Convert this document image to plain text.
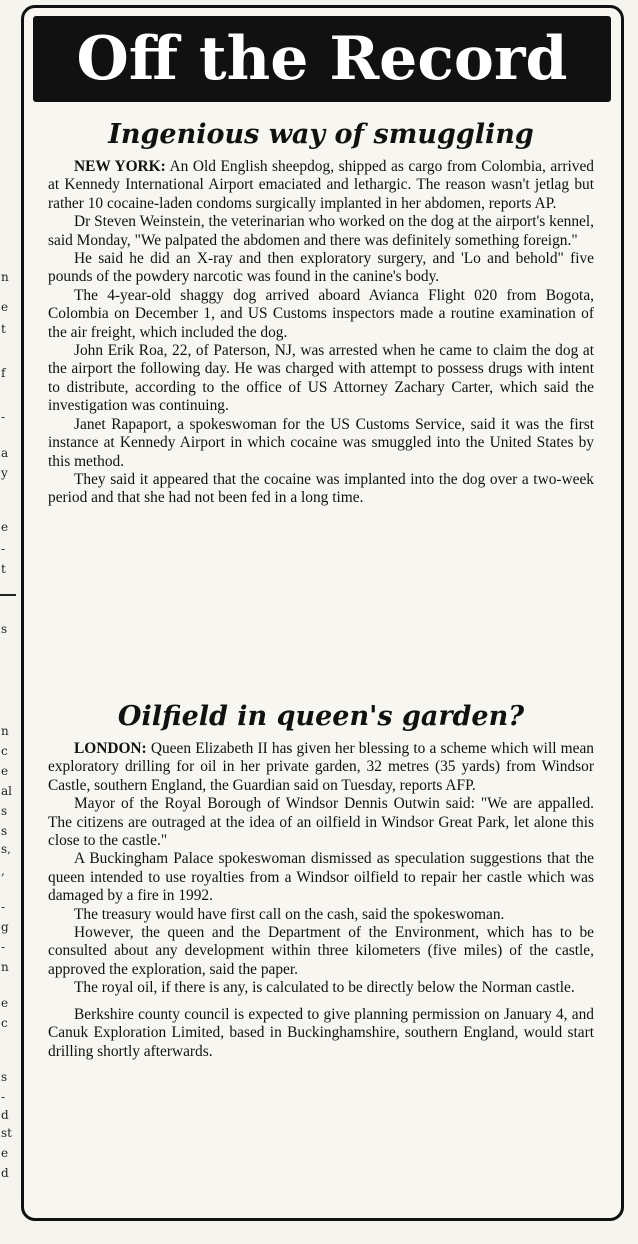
n
e
t
f
-
a
y
e
-
t
s
n
c
e
al
s
s
s,
,
-
g
-
n
e
c
s
-
d
st
e
d
Off the Record
Ingenious way of smuggling

NEW YORK: An Old English sheepdog, shipped as cargo from Colombia, arrived at Kennedy International Airport emaciated and lethargic. The reason wasn't jetlag but rather 10 cocaine-laden condoms surgically implanted in her abdomen, reports AP.

Dr Steven Weinstein, the veterinarian who worked on the dog at the airport's kennel, said Monday, "We palpated the abdomen and there was definitely something foreign."

He said he did an X-ray and then exploratory surgery, and 'Lo and behold" five pounds of the powdery narcotic was found in the canine's body.

The 4-year-old shaggy dog arrived aboard Avianca Flight 020 from Bogota, Colombia on December 1, and US Customs inspectors made a routine examination of the air freight, which included the dog.

John Erik Roa, 22, of Paterson, NJ, was arrested when he came to claim the dog at the airport the following day. He was charged with attempt to possess drugs with intent to distribute, according to the office of US Attorney Zachary Carter, which said the investigation was continuing.

Janet Rapaport, a spokeswoman for the US Customs Service, said it was the first instance at Kennedy Airport in which cocaine was smuggled into the United States by this method.

They said it appeared that the cocaine was implanted into the dog over a two-week period and that she had not been fed in a long time.

Oilfield in queen's garden?

LONDON: Queen Elizabeth II has given her blessing to a scheme which will mean exploratory drilling for oil in her private garden, 32 metres (35 yards) from Windsor Castle, southern England, the Guardian said on Tuesday, reports AFP.

Mayor of the Royal Borough of Windsor Dennis Outwin said: "We are appalled. The citizens are outraged at the idea of an oilfield in Windsor Great Park, let alone this close to the castle."

A Buckingham Palace spokeswoman dismissed as speculation suggestions that the queen intended to use royalties from a Windsor oilfield to repair her castle which was damaged by a fire in 1992.

The treasury would have first call on the cash, said the spokeswoman.

However, the queen and the Department of the Environment, which has to be consulted about any development within three kilometers (five miles) of the castle, approved the exploration, said the paper.

The royal oil, if there is any, is calculated to be directly below the Norman castle.

Berkshire county council is expected to give planning permission on January 4, and Canuk Exploration Limited, based in Buckinghamshire, southern England, would start drilling shortly afterwards.
